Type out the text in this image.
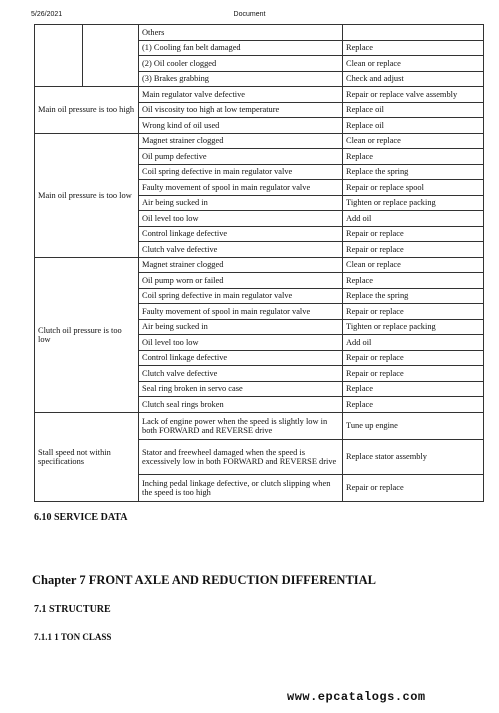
5/26/2021	Document
		Others	
		(1) Cooling fan belt damaged	Replace
		(2) Oil cooler clogged	Clean or replace
		(3) Brakes grabbing	Check and adjust
Main oil pressure is too high		Main regulator valve defective	Repair or replace valve assembly
		Oil viscosity too high at low temperature	Replace oil
		Wrong kind of oil used	Replace oil
Main oil pressure is too low		Magnet strainer clogged	Clean or replace
		Oil pump defective	Replace
		Coil spring defective in main regulator valve	Replace the spring
		Faulty movement of spool in main regulator valve	Repair or replace spool
		Air being sucked in	Tighten or replace packing
		Oil level too low	Add oil
		Control linkage defective	Repair or replace
		Clutch valve defective	Repair or replace
Clutch oil pressure is too low		Magnet strainer clogged	Clean or replace
		Oil pump worn or failed	Replace
		Coil spring defective in main regulator valve	Replace the spring
		Faulty movement of spool in main regulator valve	Repair or replace
		Air being sucked in	Tighten or replace packing
		Oil level too low	Add oil
		Control linkage defective	Repair or replace
		Clutch valve defective	Repair or replace
		Seal ring broken in servo case	Replace
		Clutch seal rings broken	Replace
Stall speed not within specifications		Lack of engine power when the speed is slightly low in both FORWARD and REVERSE drive	Tune up engine
		Stator and freewheel damaged when the speed is excessively low in both FORWARD and REVERSE drive	Replace stator assembly
		Inching pedal linkage defective, or clutch slipping when the speed is too high	Repair or replace
6.10 SERVICE DATA
Chapter 7 FRONT AXLE AND REDUCTION DIFFERENTIAL
7.1 STRUCTURE
7.1.1 1 TON CLASS
www.epcatalogs.com
